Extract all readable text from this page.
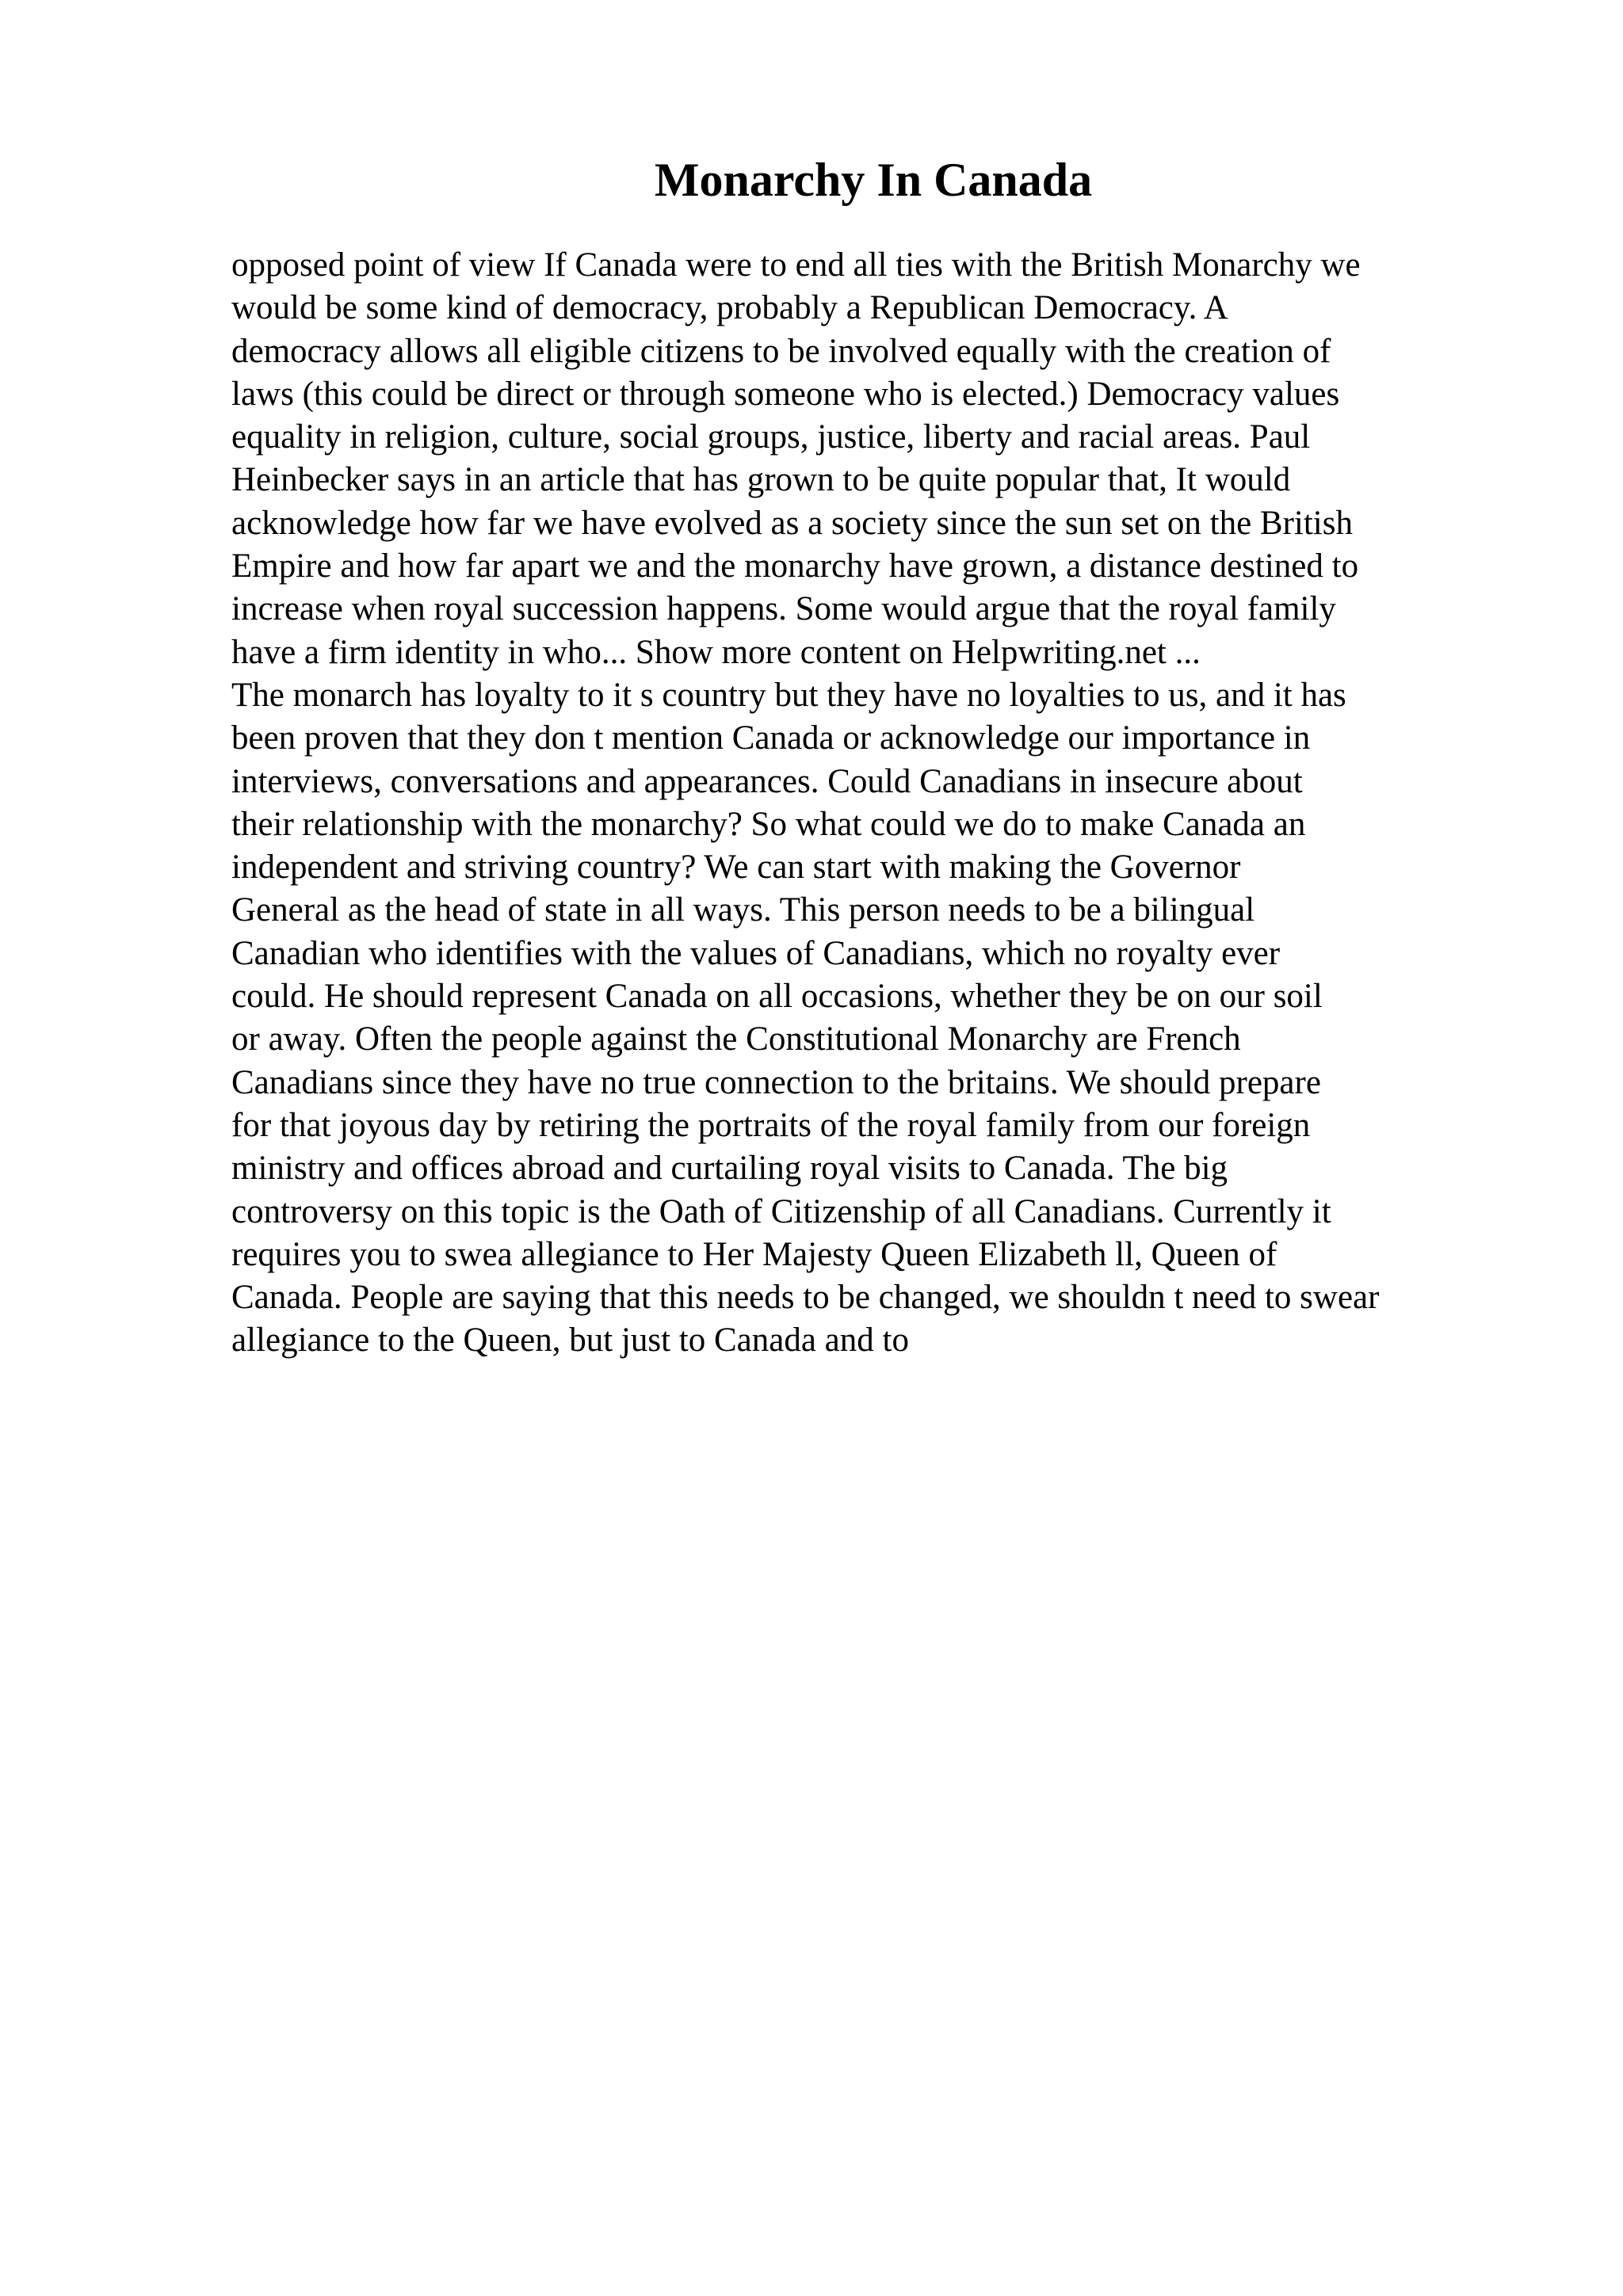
Monarchy In Canada
opposed point of view If Canada were to end all ties with the British Monarchy we
would be some kind of democracy, probably a Republican Democracy. A
democracy allows all eligible citizens to be involved equally with the creation of
laws (this could be direct or through someone who is elected.) Democracy values
equality in religion, culture, social groups, justice, liberty and racial areas. Paul
Heinbecker says in an article that has grown to be quite popular that, It would
acknowledge how far we have evolved as a society since the sun set on the British
Empire and how far apart we and the monarchy have grown, a distance destined to
increase when royal succession happens. Some would argue that the royal family
have a firm identity in who... Show more content on Helpwriting.net ...
The monarch has loyalty to it s country but they have no loyalties to us, and it has
been proven that they don t mention Canada or acknowledge our importance in
interviews, conversations and appearances. Could Canadians in insecure about
their relationship with the monarchy? So what could we do to make Canada an
independent and striving country? We can start with making the Governor
General as the head of state in all ways. This person needs to be a bilingual
Canadian who identifies with the values of Canadians, which no royalty ever
could. He should represent Canada on all occasions, whether they be on our soil
or away. Often the people against the Constitutional Monarchy are French
Canadians since they have no true connection to the britains. We should prepare
for that joyous day by retiring the portraits of the royal family from our foreign
ministry and offices abroad and curtailing royal visits to Canada. The big
controversy on this topic is the Oath of Citizenship of all Canadians. Currently it
requires you to swea allegiance to Her Majesty Queen Elizabeth ll, Queen of
Canada. People are saying that this needs to be changed, we shouldn t need to swear
allegiance to the Queen, but just to Canada and to
